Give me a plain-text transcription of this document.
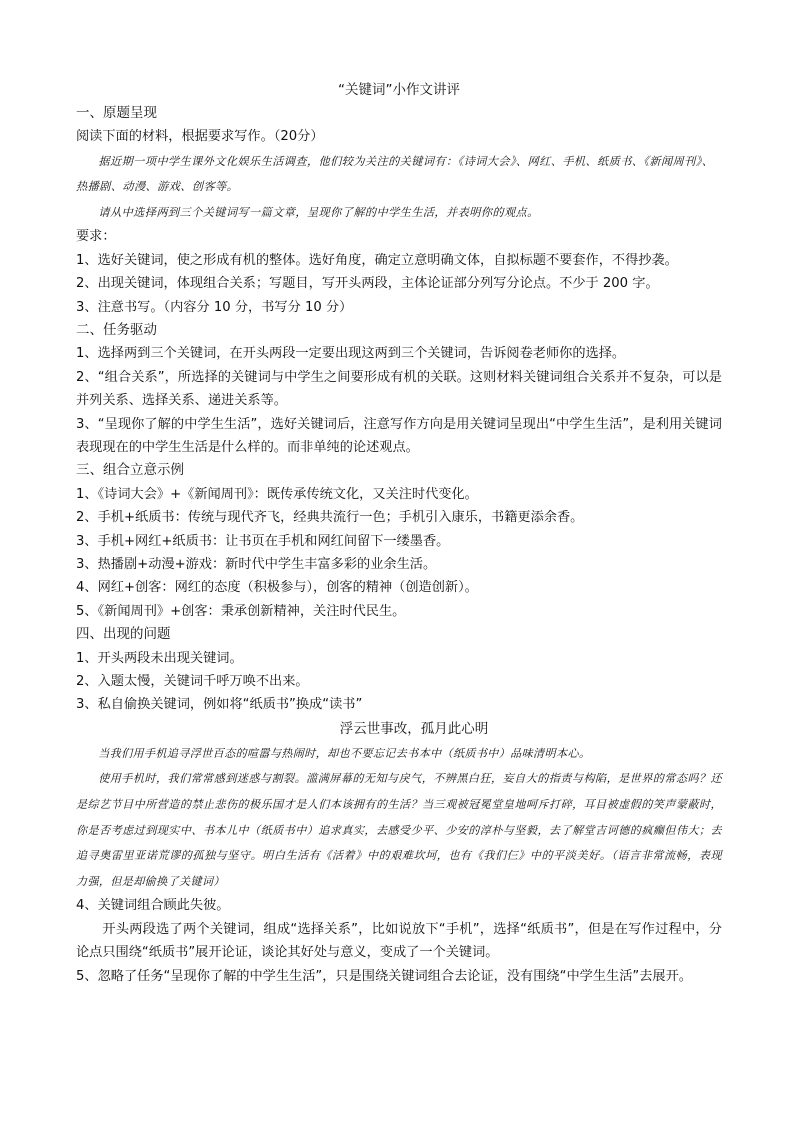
“关键词”小作文讲评
一、原题呈现
阅读下面的材料，根据要求写作。（20分）
据近期一项中学生课外文化娱乐生活调查，他们较为关注的关键词有：《诗词大会》、网红、手机、纸质书、《新闻周刊》、热播剧、动漫、游戏、创客等。
请从中选择两到三个关键词写一篇文章，呈现你了解的中学生生活，并表明你的观点。
要求：
1、选好关键词，使之形成有机的整体。选好角度，确定立意明确文体，自拟标题不要套作，不得抄袭。
2、出现关键词，体现组合关系；写题目，写开头两段，主体论证部分列写分论点。不少于 200 字。
3、注意书写。（内容分 10 分，书写分 10 分）
二、任务驱动
1、选择两到三个关键词，在开头两段一定要出现这两到三个关键词，告诉阅卷老师你的选择。
2、“组合关系”，所选择的关键词与中学生之间要形成有机的关联。这则材料关键词组合关系并不复杂，可以是并列关系、选择关系、递进关系等。
3、“呈现你了解的中学生生活”，选好关键词后，注意写作方向是用关键词呈现出“中学生生活”，是利用关键词表现现在的中学生生活是什么样的。而非单纯的论述观点。
三、组合立意示例
1、《诗词大会》+《新闻周刊》：既传承传统文化，又关注时代变化。
2、手机+纸质书：传统与现代齐飞，经典共流行一色；手机引入康乐，书籍更添余香。
3、手机+网红+纸质书：让书页在手机和网红间留下一缕墨香。
3、热播剧+动漫+游戏：新时代中学生丰富多彩的业余生活。
4、网红+创客：网红的态度（积极参与），创客的精神（创造创新）。
5、《新闻周刊》+创客：秉承创新精神，关注时代民生。
四、出现的问题
1、开头两段未出现关键词。
2、入题太慢，关键词千呼万唤不出来。
3、私自偷换关键词，例如将“纸质书”换成“读书”
浮云世事改，孤月此心明
当我们用手机追寻浮世百态的喧嚣与热闹时，却也不要忘记去书本中（纸质书中）品味清明本心。
使用手机时，我们常常感到迷惑与割裂。滥满屏幕的无知与戾气，不辨黑白狂，妄自大的指责与构陷，是世界的常态吗？还是综艺节目中所营造的禁止悲伤的极乐国才是人们本该拥有的生活？当三观被冠冕堂皇地呵斥打碎，耳目被虚假的笑声蒙蔽时，你是否考虑过到现实中、书本儿中（纸质书中）追求真实，去感受少平、少安的淳朴与坚毅，去了解堂吉诃德的疯癫但伟大；去追寻奥雷里亚诺荒谬的孤独与坚守。明白生活有《活着》中的艰难坎坷，也有《我们仨》中的平淡美好。（语言非常流畅，表现力强，但是却偷换了关键词）
4、关键词组合顾此失彼。
开头两段选了两个关键词，组成“选择关系”，比如说放下“手机”，选择“纸质书”，但是在写作过程中，分论点只围绕“纸质书”展开论证，谈论其好处与意义，变成了一个关键词。
5、忽略了任务“呈现你了解的中学生生活”，只是围绕关键词组合去论证，没有围绕“中学生生活”去展开。
